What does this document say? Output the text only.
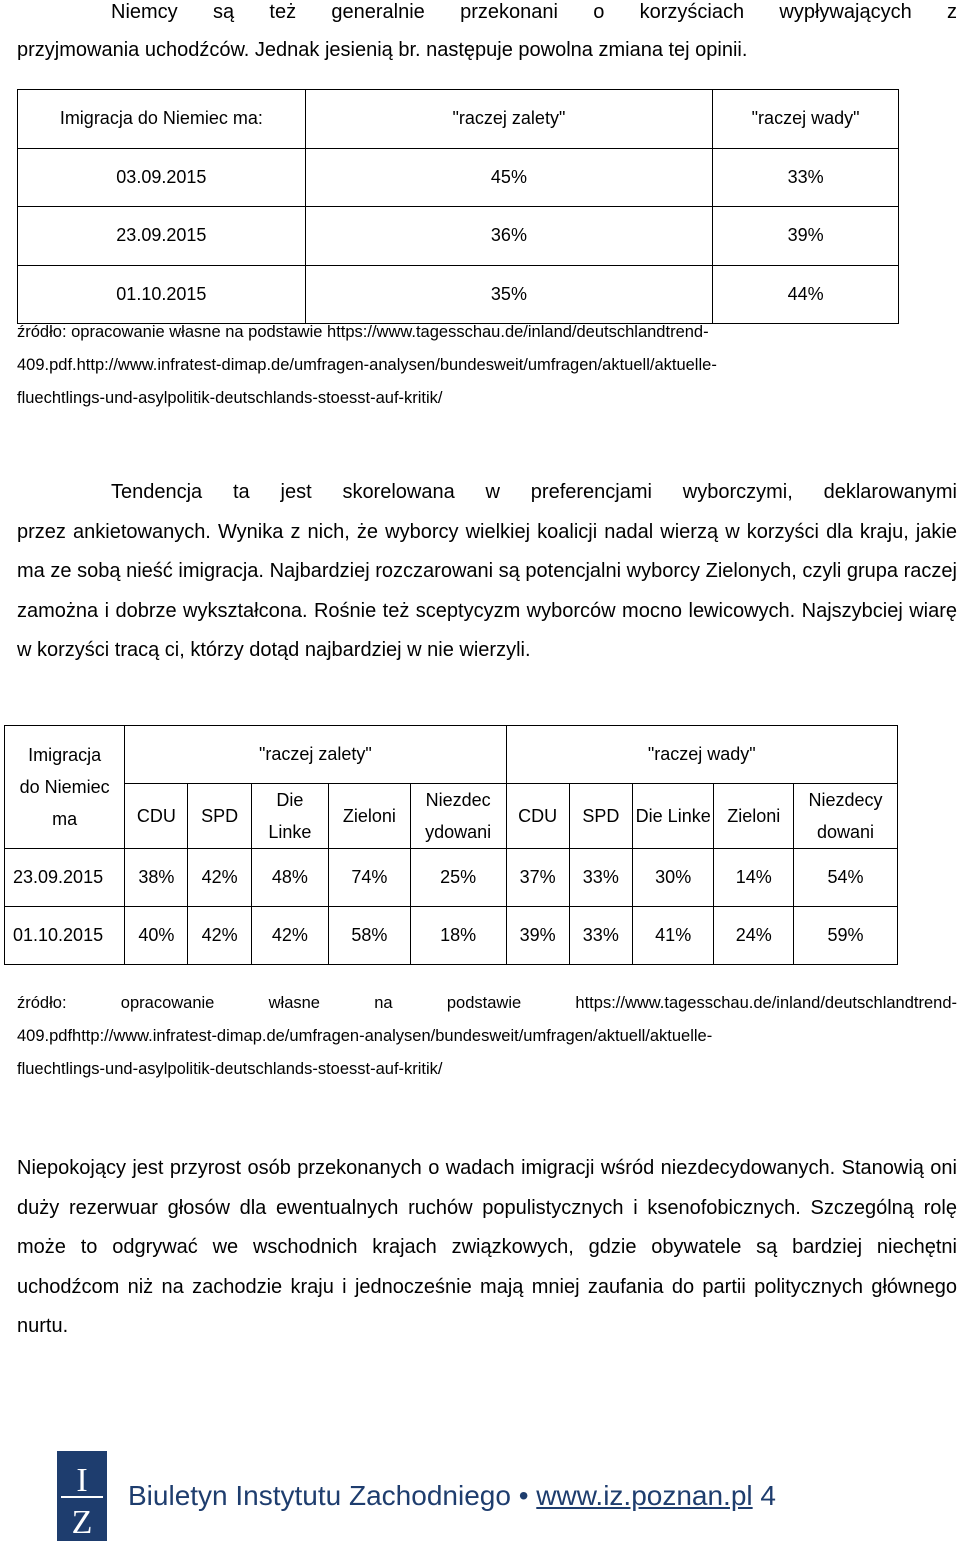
Niemcy są też generalnie przekonani o korzyściach wypływających z
przyjmowania uchodźców. Jednak jesienią br. następuje powolna zmiana tej opinii.
Imigracja do Niemiec ma:	"raczej zalety"	"raczej wady"
03.09.2015	45%	33%
23.09.2015	36%	39%
01.10.2015	35%	44%
źródło: opracowanie własne na podstawie https://www.tagesschau.de/inland/deutschlandtrend-
409.pdf.http://www.infratest-dimap.de/umfragen-analysen/bundesweit/umfragen/aktuell/aktuelle-
fluechtlings-und-asylpolitik-deutschlands-stoesst-auf-kritik/
Tendencja ta jest skorelowana w preferencjami wyborczymi, deklarowanymi
przez ankietowanych. Wynika z nich, że wyborcy wielkiej koalicji nadal wierzą w korzyści dla kraju, jakie ma ze sobą nieść imigracja. Najbardziej rozczarowani są potencjalni wyborcy Zielonych, czyli grupa raczej zamożna i dobrze wykształcona. Rośnie też sceptycyzm wyborców mocno lewicowych. Najszybciej wiarę w korzyści tracą ci, którzy dotąd najbardziej w nie wierzyli.
Imigracja
do Niemiec
ma	"raczej zalety"					"raczej wady"				
	CDU	SPD	Die Linke	Zieloni	Niezdec ydowani	CDU	SPD	Die Linke	Zieloni	Niezdecy dowani
23.09.2015	38%	42%	48%	74%	25%	37%	33%	30%	14%	54%
01.10.2015	40%	42%	42%	58%	18%	39%	33%	41%	24%	59%
źródło: opracowanie własne na podstawie https://www.tagesschau.de/inland/deutschlandtrend-
409.pdfhttp://www.infratest-dimap.de/umfragen-analysen/bundesweit/umfragen/aktuell/aktuelle-
fluechtlings-und-asylpolitik-deutschlands-stoesst-auf-kritik/
Niepokojący jest przyrost osób przekonanych o wadach imigracji wśród niezdecydowanych. Stanowią oni duży rezerwuar głosów dla ewentualnych ruchów populistycznych i ksenofobicznych. Szczególną rolę może to odgrywać we wschodnich krajach związkowych, gdzie obywatele są bardziej niechętni uchodźcom niż na zachodzie kraju i jednocześnie mają mniej zaufania do partii politycznych głównego nurtu.
I
Z
Biuletyn Instytutu Zachodniego • www.iz.poznan.pl 4
